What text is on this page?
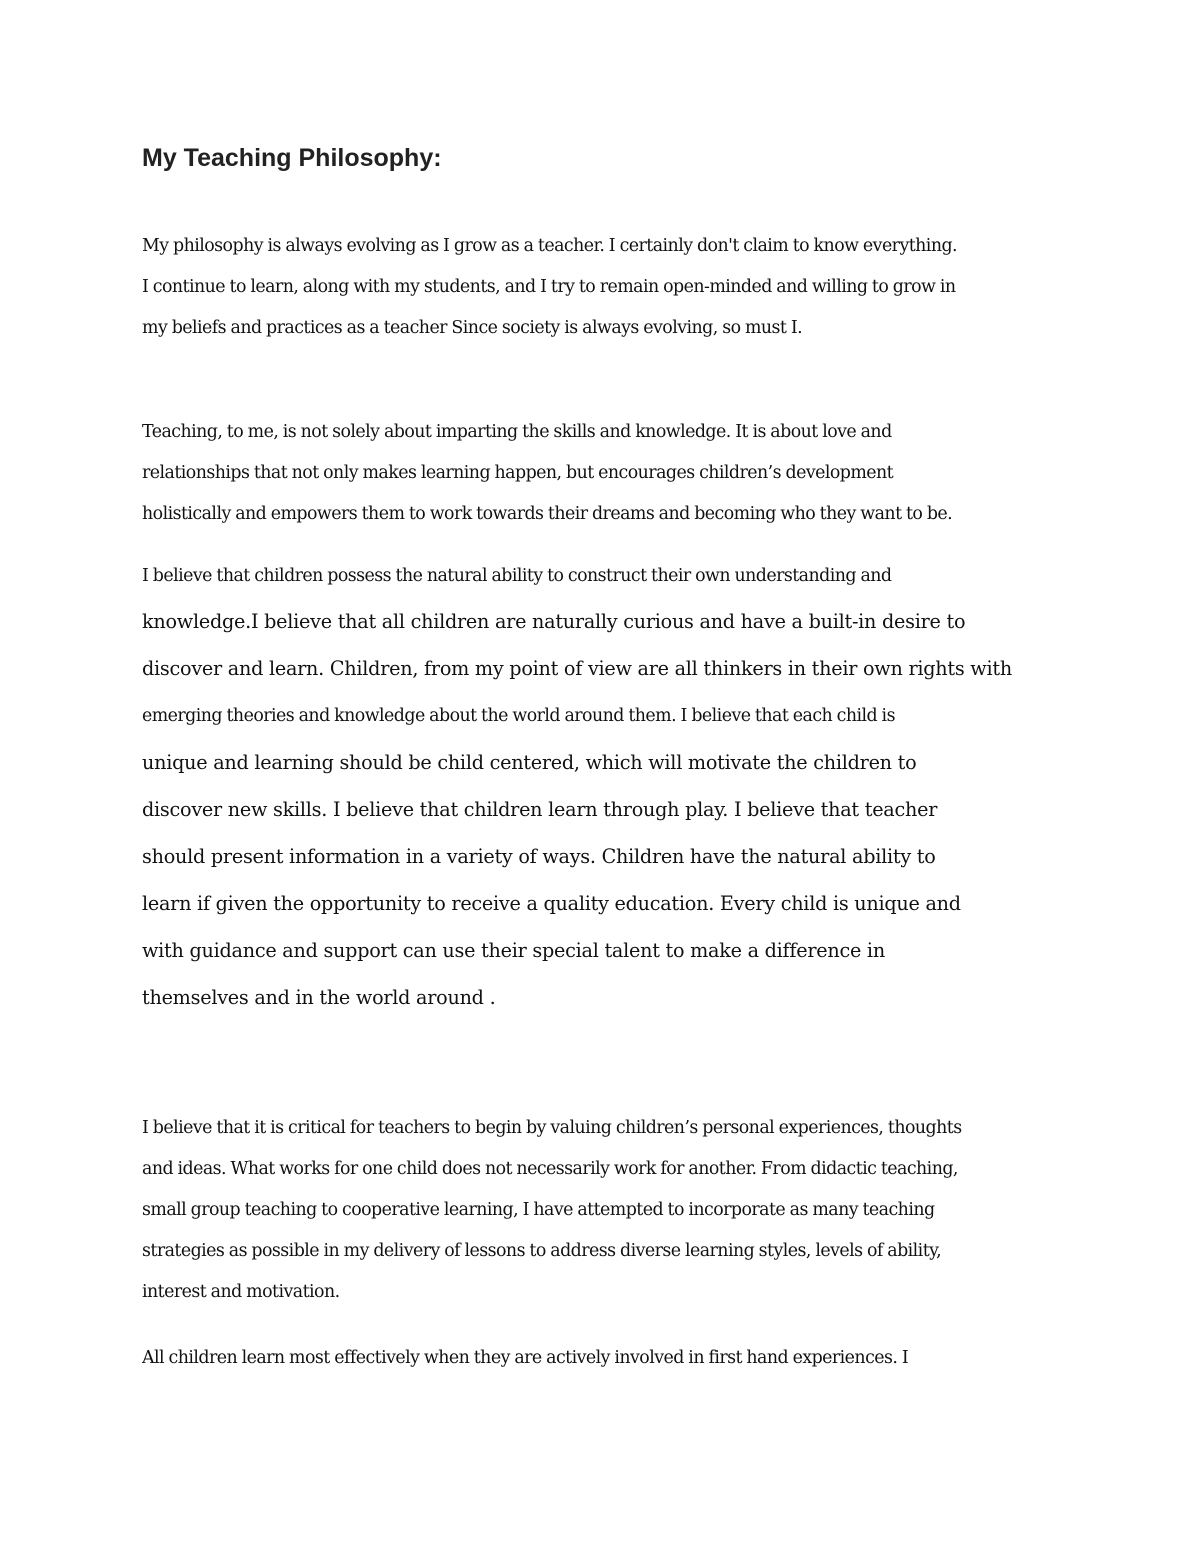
My Teaching Philosophy:

My philosophy is always evolving as I grow as a teacher. I certainly don't claim to know everything.

I continue to learn, along with my students, and I try to remain open-minded and willing to grow in

my beliefs and practices as a teacher Since society is always evolving, so must I.

Teaching, to me, is not solely about imparting the skills and knowledge. It is about love and

relationships that not only makes learning happen, but encourages children’s development

holistically and empowers them to work towards their dreams and becoming who they want to be.

I believe that children possess the natural ability to construct their own understanding and

knowledge.I believe that all children are naturally curious and have a built-in desire to

discover and learn. Children, from my point of view are all thinkers in their own rights with

emerging theories and knowledge about the world around them. I believe that each child is

unique and learning should be child centered, which will motivate the children to

discover new skills. I believe that children learn through play. I believe that teacher

should present information in a variety of ways. Children have the natural ability to

learn if given the opportunity to receive a quality education. Every child is unique and

with guidance and support can use their special talent to make a difference in

themselves and in the world around .

I believe that it is critical for teachers to begin by valuing children’s personal experiences, thoughts

and ideas. What works for one child does not necessarily work for another. From didactic teaching,

small group teaching to cooperative learning, I have attempted to incorporate as many teaching

strategies as possible in my delivery of lessons to address diverse learning styles, levels of ability,

interest and motivation.

All children learn most effectively when they are actively involved in first hand experiences. I
